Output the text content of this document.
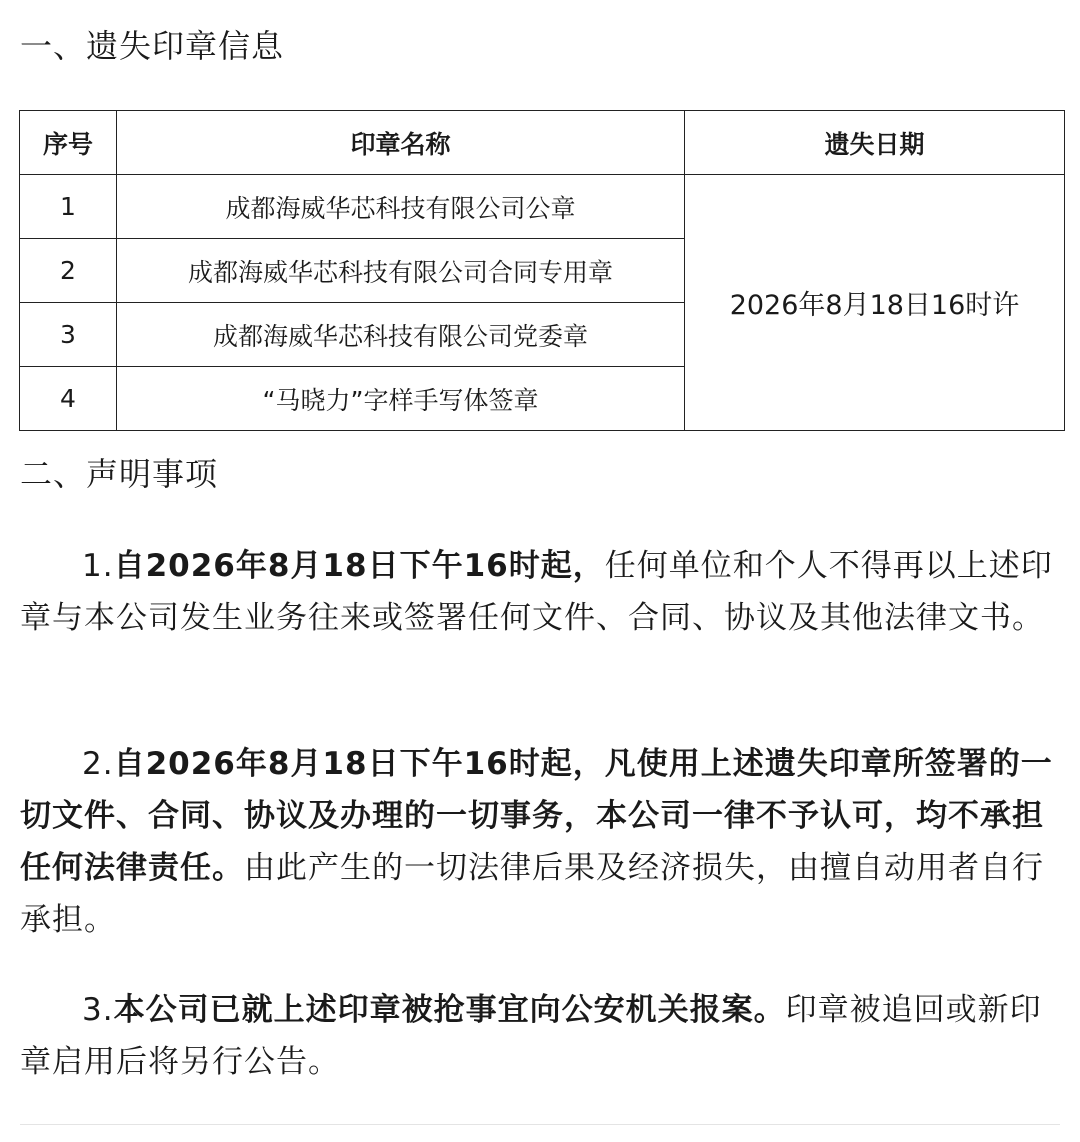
一、遗失印章信息
序号	印章名称	遗失日期
1	成都海威华芯科技有限公司公章	2026年8月18日16时许
2	成都海威华芯科技有限公司合同专用章	
3	成都海威华芯科技有限公司党委章	
4	“马晓力”字样手写体签章	
二、声明事项

1.自2026年8月18日下午16时起，任何单位和个人不得再以上述印章与本公司发生业务往来或签署任何文件、合同、协议及其他法律文书。

2.自2026年8月18日下午16时起，凡使用上述遗失印章所签署的一切文件、合同、协议及办理的一切事务，本公司一律不予认可，均不承担任何法律责任。由此产生的一切法律后果及经济损失，由擅自动用者自行承担。

3.本公司已就上述印章被抢事宜向公安机关报案。印章被追回或新印章启用后将另行公告。
